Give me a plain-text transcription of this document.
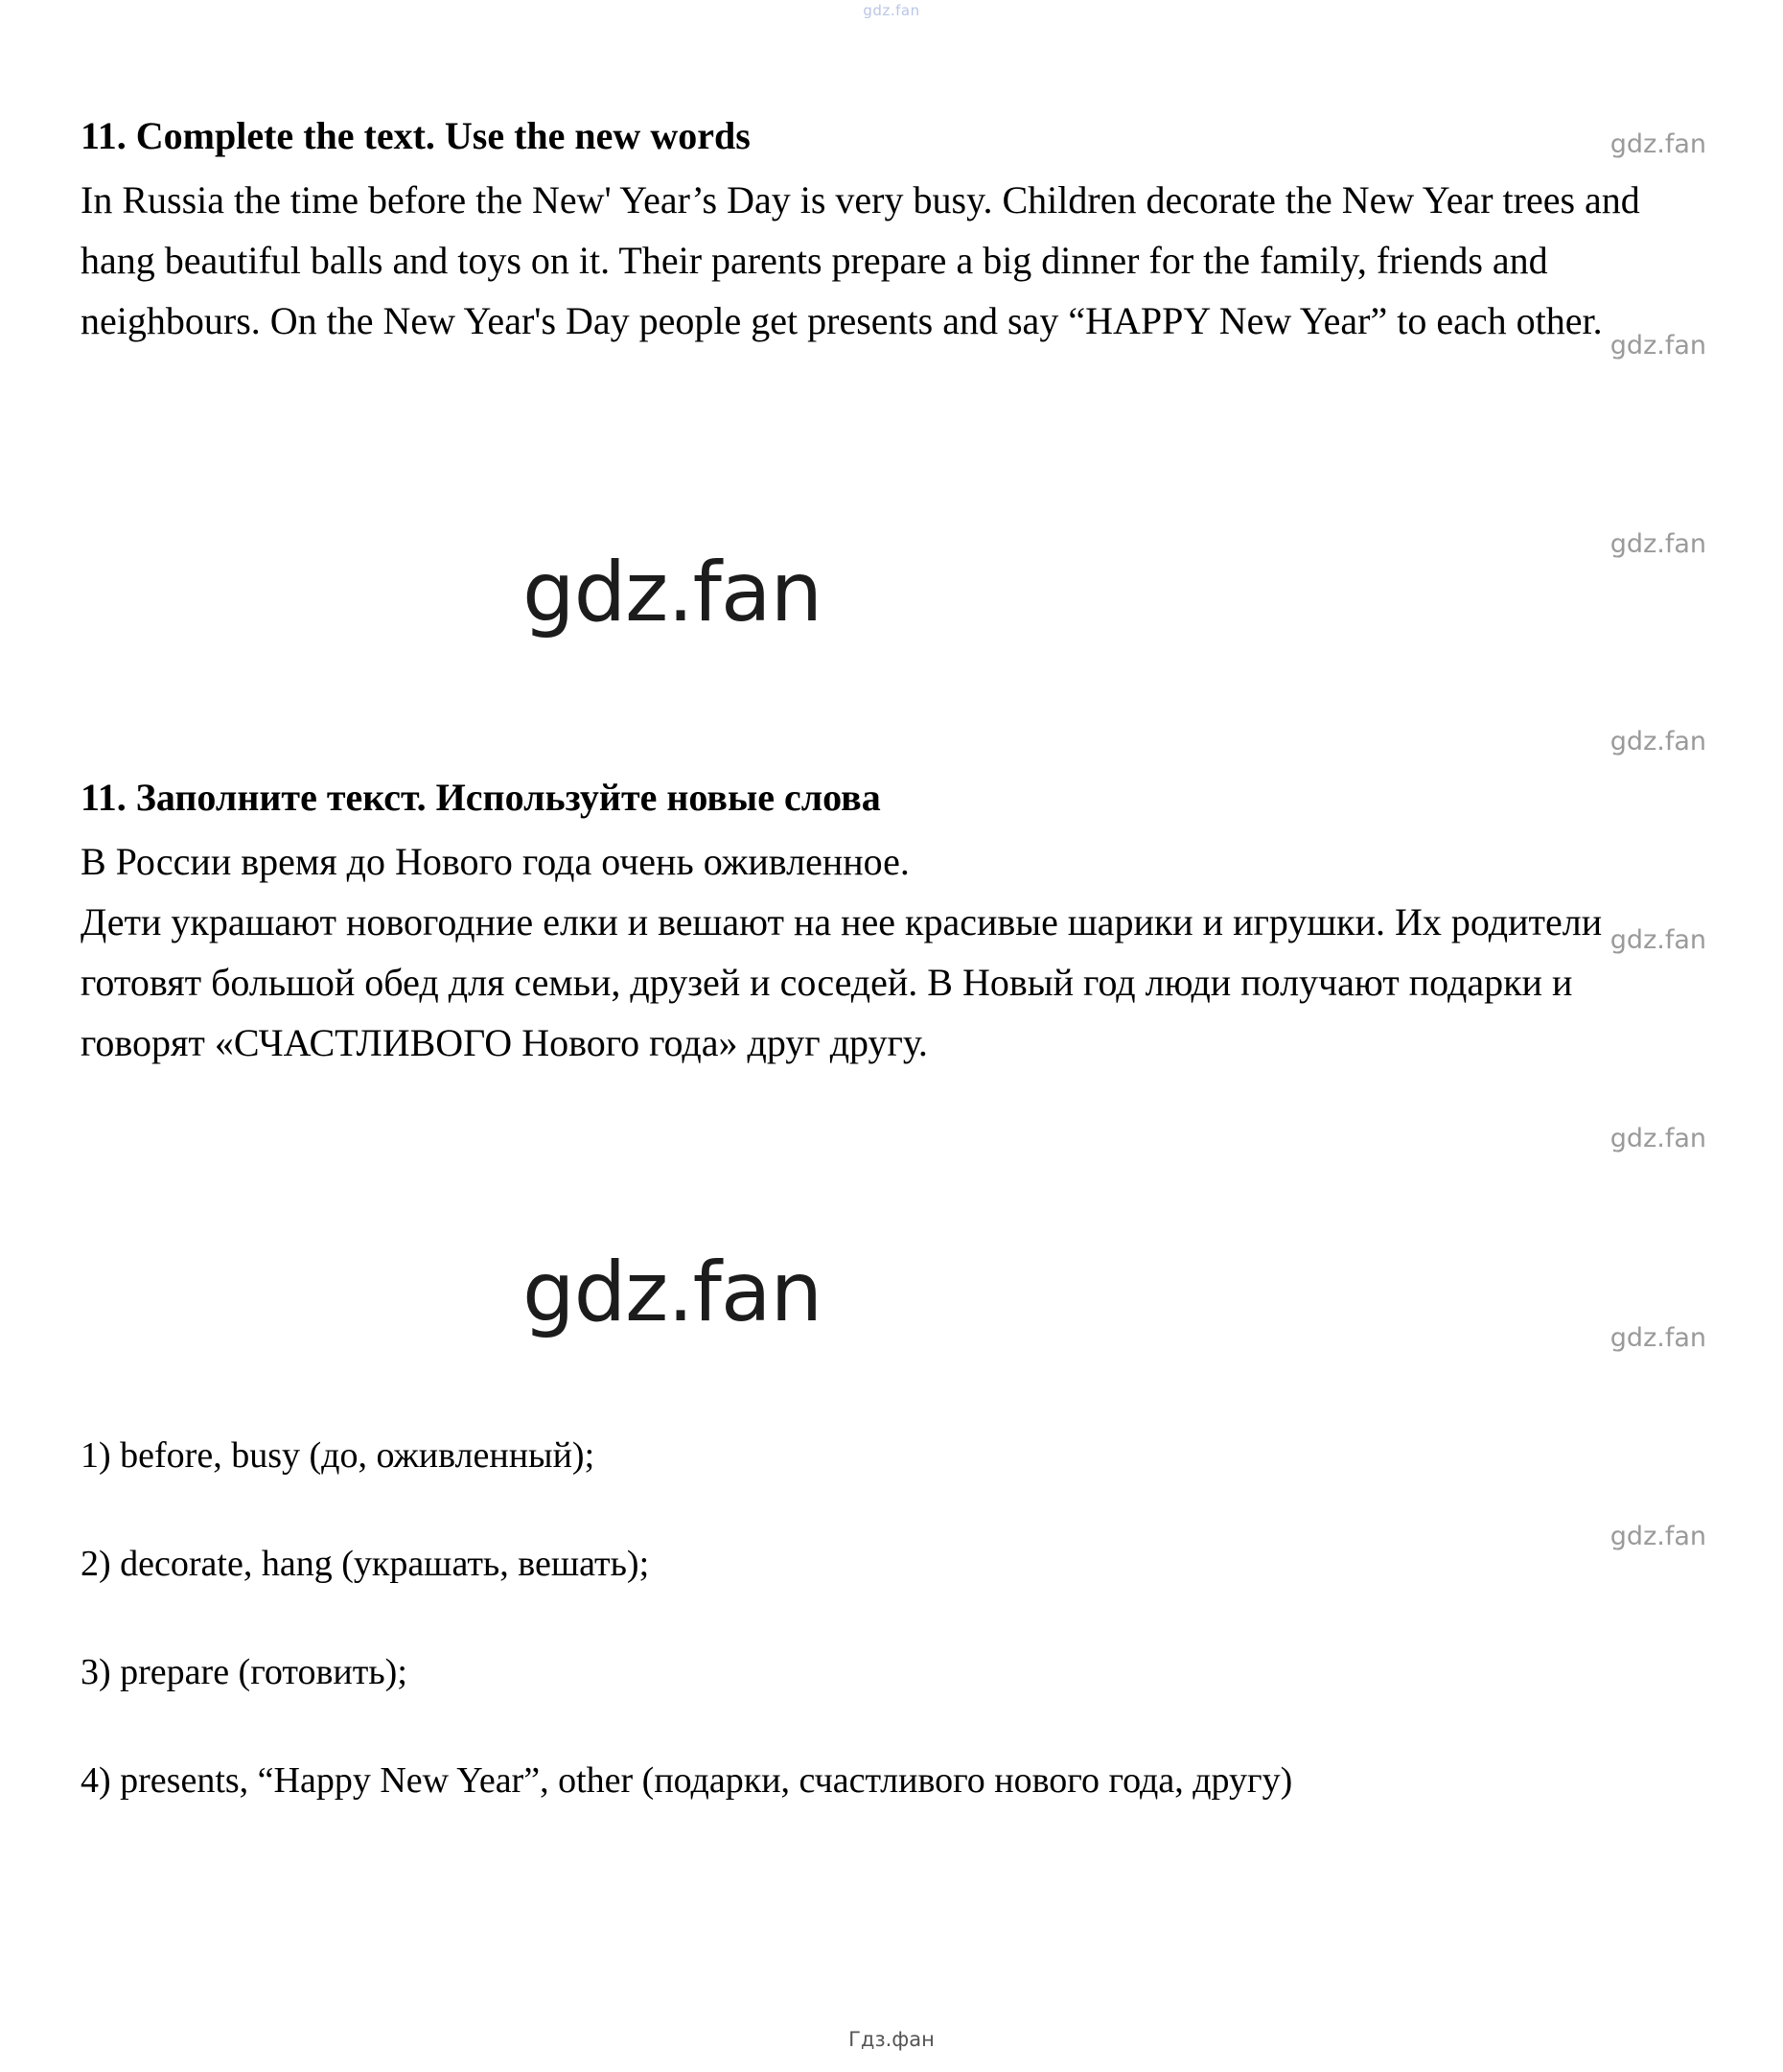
gdz.fan

11. Complete the text. Use the new words

In Russia the time before the New' Year’s Day is very busy. Children decorate the New Year trees and hang beautiful balls and toys on it. Their parents prepare a big dinner for the family, friends and neighbours. On the New Year's Day people get presents and say “HAPPY New Year” to each other.

11. Заполните текст. Используйте новые слова

В России время до Нового года очень оживленное.

Дети украшают новогодние елки и вешают на нее красивые шарики и игрушки. Их родители готовят большой обед для семьи, друзей и соседей. В Новый год люди получают подарки и

говорят «СЧАСТЛИВОГО Нового года» друг другу.

1) before, busy (до, оживленный);

2) decorate, hang (украшать, вешать);

3) prepare (готовить);

4) presents, “Happy New Year”, other (подарки, счастливого нового года, другу)

gdz.fan
gdz.fan
gdz.fan
gdz.fan
gdz.fan
gdz.fan
gdz.fan
gdz.fan
gdz.fan
gdz.fan
Гдз.фан
